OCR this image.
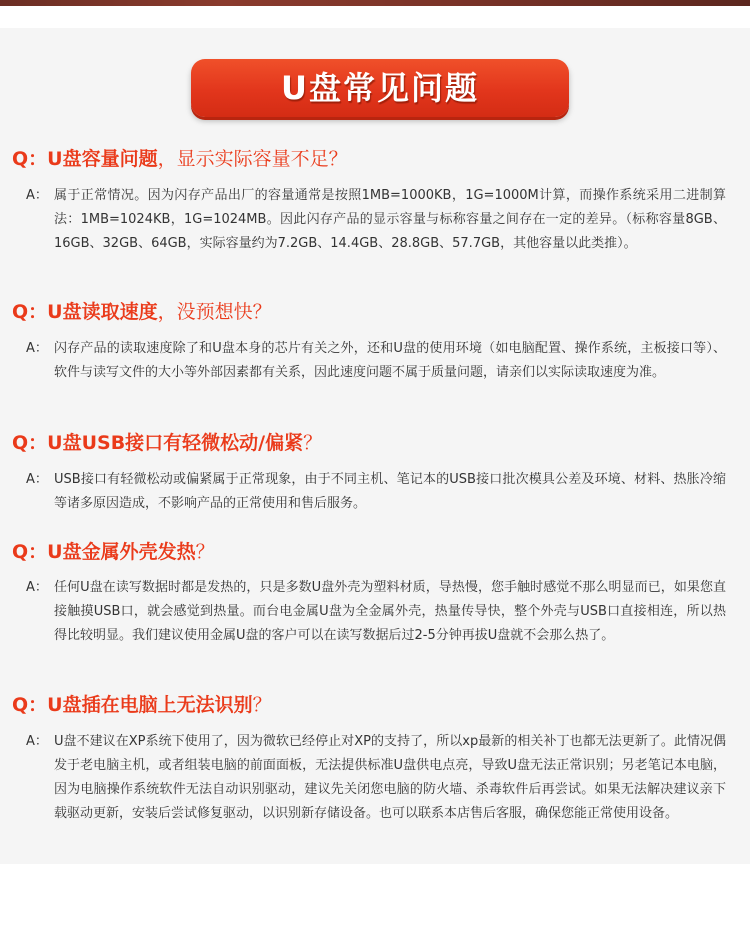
U盘常见问题
Q：U盘容量问题，显示实际容量不足？
A： 属于正常情况。因为闪存产品出厂的容量通常是按照1MB=1000KB，1G=1000M计算，而操作系统采用二进制算法：1MB=1024KB，1G=1024MB。因此闪存产品的显示容量与标称容量之间存在一定的差异。（标称容量8GB、16GB、32GB、64GB，实际容量约为7.2GB、14.4GB、28.8GB、57.7GB，其他容量以此类推）。
Q：U盘读取速度，没预想快？
A： 闪存产品的读取速度除了和U盘本身的芯片有关之外，还和U盘的使用环境（如电脑配置、操作系统，主板接口等）、软件与读写文件的大小等外部因素都有关系，因此速度问题不属于质量问题，请亲们以实际读取速度为准。
Q：U盘USB接口有轻微松动/偏紧？
A： USB接口有轻微松动或偏紧属于正常现象，由于不同主机、笔记本的USB接口批次模具公差及环境、材料、热胀冷缩等诸多原因造成，不影响产品的正常使用和售后服务。
Q：U盘金属外壳发热？
A： 任何U盘在读写数据时都是发热的，只是多数U盘外壳为塑料材质，导热慢，您手触时感觉不那么明显而已，如果您直接触摸USB口，就会感觉到热量。而台电金属U盘为全金属外壳，热量传导快，整个外壳与USB口直接相连，所以热得比较明显。我们建议使用金属U盘的客户可以在读写数据后过2-5分钟再拔U盘就不会那么热了。
Q：U盘插在电脑上无法识别？
A： U盘不建议在XP系统下使用了，因为微软已经停止对XP的支持了，所以xp最新的相关补丁也都无法更新了。此情况偶发于老电脑主机，或者组装电脑的前面面板，无法提供标准U盘供电点亮，导致U盘无法正常识别；另老笔记本电脑，因为电脑操作系统软件无法自动识别驱动，建议先关闭您电脑的防火墙、杀毒软件后再尝试。如果无法解决建议亲下载驱动更新，安装后尝试修复驱动，以识别新存储设备。也可以联系本店售后客服，确保您能正常使用设备。
